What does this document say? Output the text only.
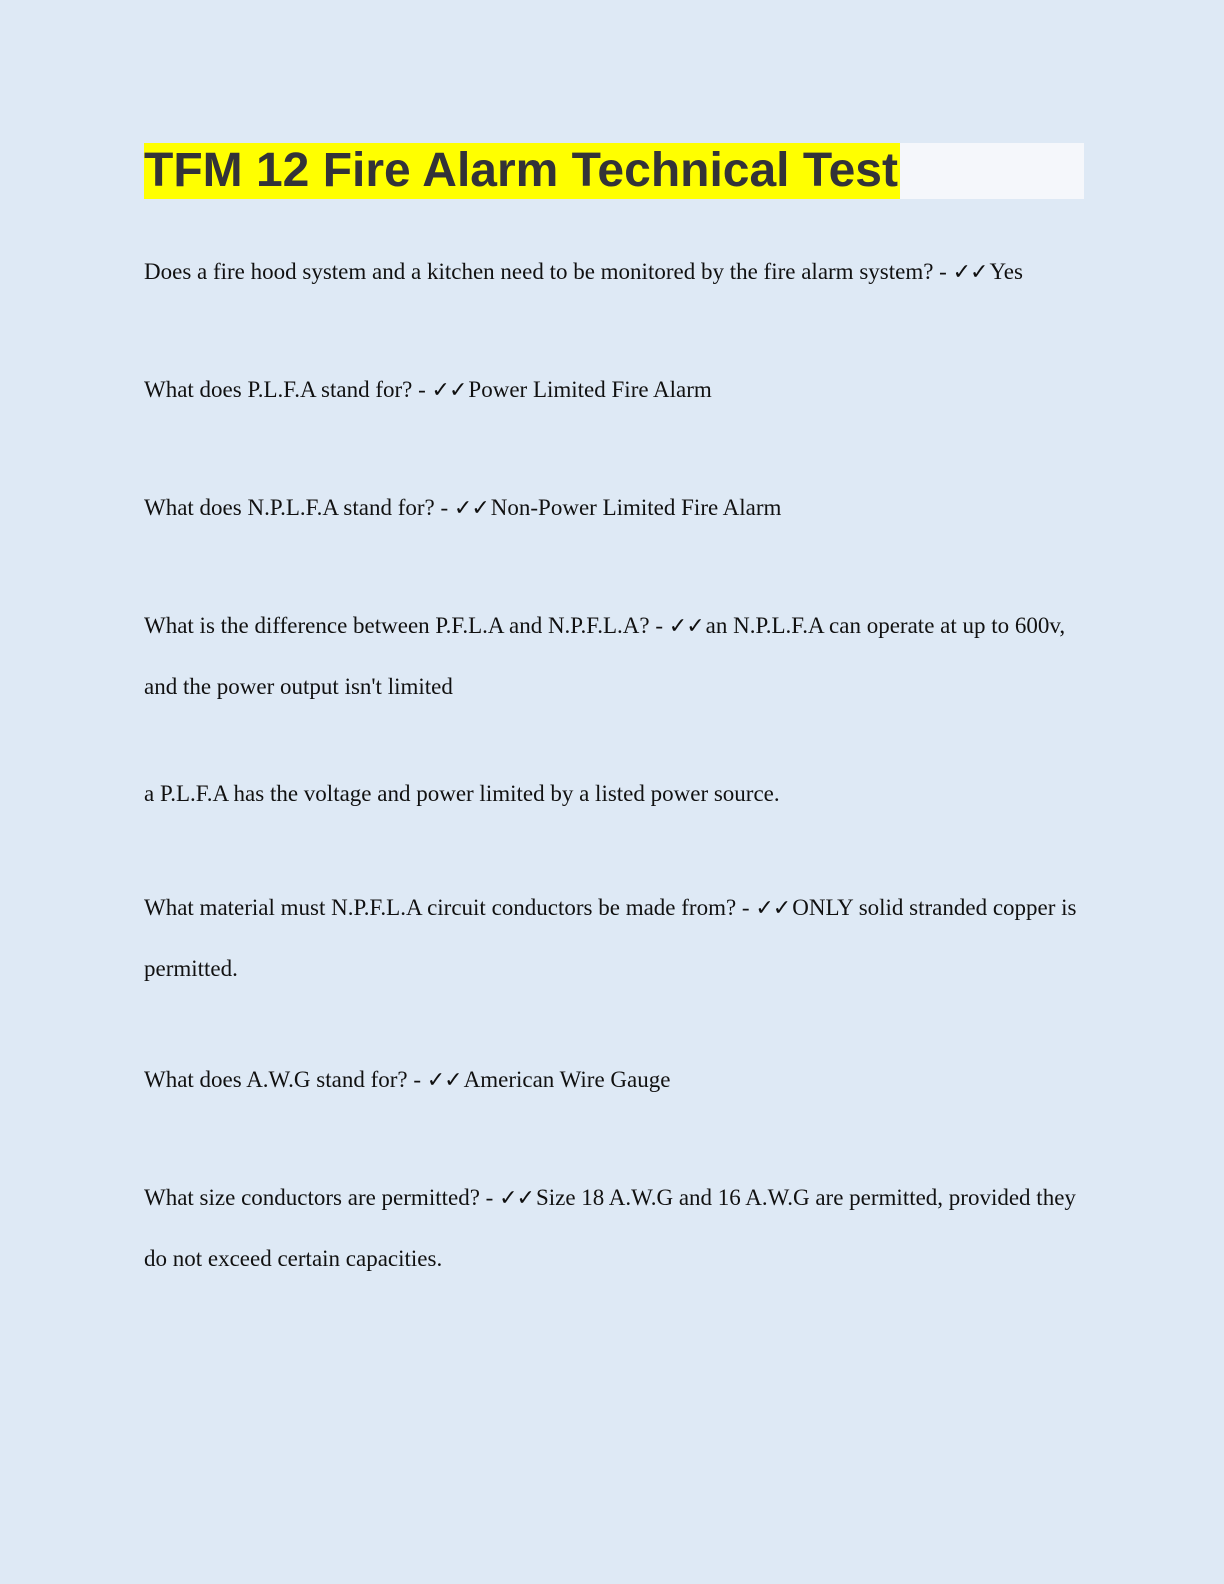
TFM 12 Fire Alarm Technical Test

Does a fire hood system and a kitchen need to be monitored by the fire alarm system? - ✓✓Yes

What does P.L.F.A stand for? - ✓✓Power Limited Fire Alarm

What does N.P.L.F.A stand for? - ✓✓Non-Power Limited Fire Alarm

What is the difference between P.F.L.A and N.P.F.L.A? - ✓✓an N.P.L.F.A can operate at up to 600v, and the power output isn't limited

a P.L.F.A has the voltage and power limited by a listed power source.

What material must N.P.F.L.A circuit conductors be made from? - ✓✓ONLY solid stranded copper is permitted.

What does A.W.G stand for? - ✓✓American Wire Gauge

What size conductors are permitted? - ✓✓Size 18 A.W.G and 16 A.W.G are permitted, provided they do not exceed certain capacities.
